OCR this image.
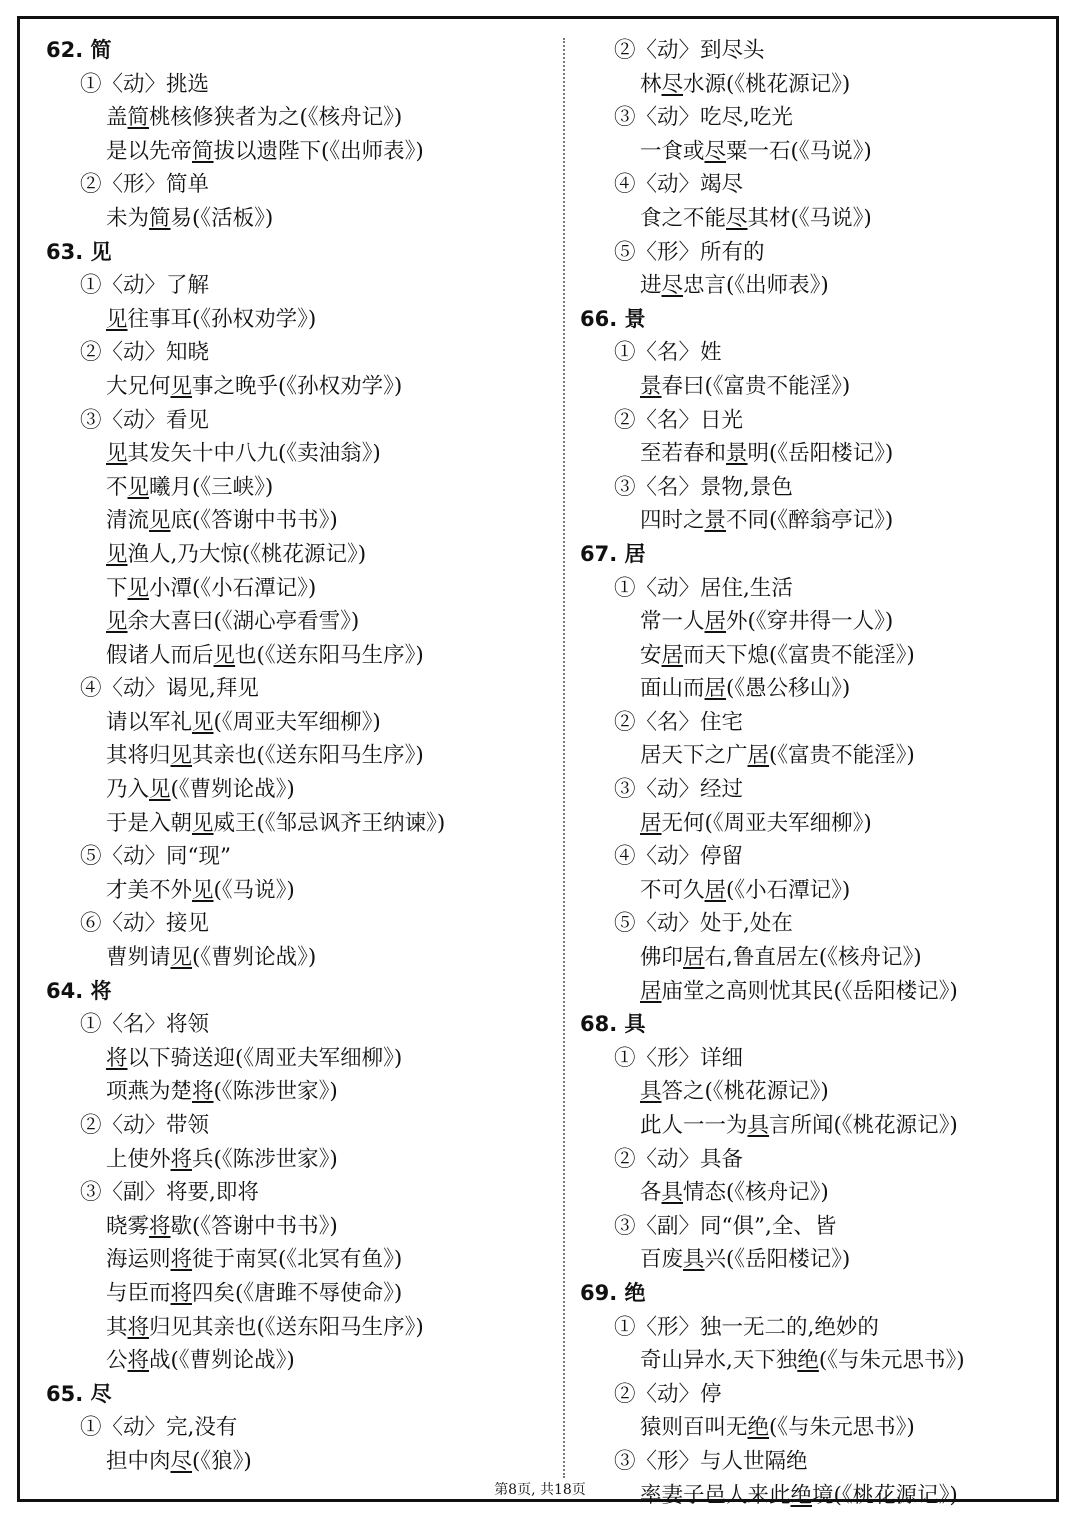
62. 简
①〈动〉挑选
盖简桃核修狭者为之(《核舟记》)
是以先帝简拔以遗陛下(《出师表》)
②〈形〉简单
未为简易(《活板》)
63. 见
①〈动〉了解
见往事耳(《孙权劝学》)
②〈动〉知晓
大兄何见事之晚乎(《孙权劝学》)
③〈动〉看见
见其发矢十中八九(《卖油翁》)
不见曦月(《三峡》)
清流见底(《答谢中书书》)
见渔人,乃大惊(《桃花源记》)
下见小潭(《小石潭记》)
见余大喜曰(《湖心亭看雪》)
假诸人而后见也(《送东阳马生序》)
④〈动〉谒见,拜见
请以军礼见(《周亚夫军细柳》)
其将归见其亲也(《送东阳马生序》)
乃入见(《曹刿论战》)
于是入朝见威王(《邹忌讽齐王纳谏》)
⑤〈动〉同“现”
才美不外见(《马说》)
⑥〈动〉接见
曹刿请见(《曹刿论战》)
64. 将
①〈名〉将领
将以下骑送迎(《周亚夫军细柳》)
项燕为楚将(《陈涉世家》)
②〈动〉带领
上使外将兵(《陈涉世家》)
③〈副〉将要,即将
晓雾将歇(《答谢中书书》)
海运则将徙于南冥(《北冥有鱼》)
与臣而将四矣(《唐雎不辱使命》)
其将归见其亲也(《送东阳马生序》)
公将战(《曹刿论战》)
65. 尽
①〈动〉完,没有
担中肉尽(《狼》)
②〈动〉到尽头
林尽水源(《桃花源记》)
③〈动〉吃尽,吃光
一食或尽粟一石(《马说》)
④〈动〉竭尽
食之不能尽其材(《马说》)
⑤〈形〉所有的
进尽忠言(《出师表》)
66. 景
①〈名〉姓
景春曰(《富贵不能淫》)
②〈名〉日光
至若春和景明(《岳阳楼记》)
③〈名〉景物,景色
四时之景不同(《醉翁亭记》)
67. 居
①〈动〉居住,生活
常一人居外(《穿井得一人》)
安居而天下熄(《富贵不能淫》)
面山而居(《愚公移山》)
②〈名〉住宅
居天下之广居(《富贵不能淫》)
③〈动〉经过
居无何(《周亚夫军细柳》)
④〈动〉停留
不可久居(《小石潭记》)
⑤〈动〉处于,处在
佛印居右,鲁直居左(《核舟记》)
居庙堂之高则忧其民(《岳阳楼记》)
68. 具
①〈形〉详细
具答之(《桃花源记》)
此人一一为具言所闻(《桃花源记》)
②〈动〉具备
各具情态(《核舟记》)
③〈副〉同“俱”,全、皆
百废具兴(《岳阳楼记》)
69. 绝
①〈形〉独一无二的,绝妙的
奇山异水,天下独绝(《与朱元思书》)
②〈动〉停
猿则百叫无绝(《与朱元思书》)
③〈形〉与人世隔绝
率妻子邑人来此绝境(《桃花源记》)
第8页, 共18页
